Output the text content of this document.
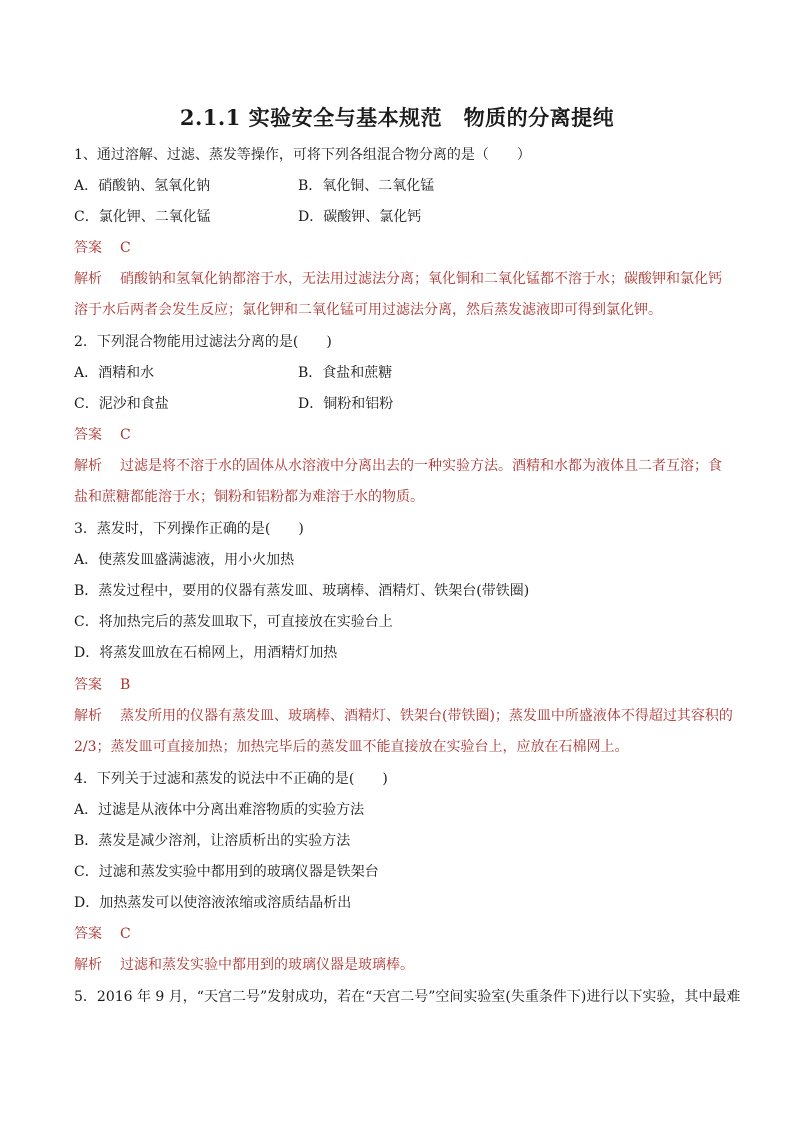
2.1.1 实验安全与基本规范　物质的分离提纯
1、通过溶解、过滤、蒸发等操作，可将下列各组混合物分离的是（　　）
A．硝酸钠、氢氧化钠	B．氧化铜、二氧化锰
C．氯化钾、二氧化锰	D．碳酸钾、氯化钙
答案 C
解析 硝酸钠和氢氧化钠都溶于水，无法用过滤法分离；氧化铜和二氧化锰都不溶于水；碳酸钾和氯化钙
溶于水后两者会发生反应；氯化钾和二氧化锰可用过滤法分离，然后蒸发滤液即可得到氯化钾。
2．下列混合物能用过滤法分离的是(　　)
A．酒精和水	B．食盐和蔗糖
C．泥沙和食盐	D．铜粉和铝粉
答案 C
解析 过滤是将不溶于水的固体从水溶液中分离出去的一种实验方法。酒精和水都为液体且二者互溶；食
盐和蔗糖都能溶于水；铜粉和铝粉都为难溶于水的物质。
3．蒸发时，下列操作正确的是(　　)
A．使蒸发皿盛满滤液，用小火加热
B．蒸发过程中，要用的仪器有蒸发皿、玻璃棒、酒精灯、铁架台(带铁圈)
C．将加热完后的蒸发皿取下，可直接放在实验台上
D．将蒸发皿放在石棉网上，用酒精灯加热
答案 B
解析 蒸发所用的仪器有蒸发皿、玻璃棒、酒精灯、铁架台(带铁圈)；蒸发皿中所盛液体不得超过其容积的
2/3；蒸发皿可直接加热；加热完毕后的蒸发皿不能直接放在实验台上，应放在石棉网上。
4．下列关于过滤和蒸发的说法中不正确的是(　　)
A．过滤是从液体中分离出难溶物质的实验方法
B．蒸发是减少溶剂，让溶质析出的实验方法
C．过滤和蒸发实验中都用到的玻璃仪器是铁架台
D．加热蒸发可以使溶液浓缩或溶质结晶析出
答案 C
解析 过滤和蒸发实验中都用到的玻璃仪器是玻璃棒。
5．2016 年 9 月，“天宫二号”发射成功，若在“天宫二号”空间实验室(失重条件下)进行以下实验，其中最难
